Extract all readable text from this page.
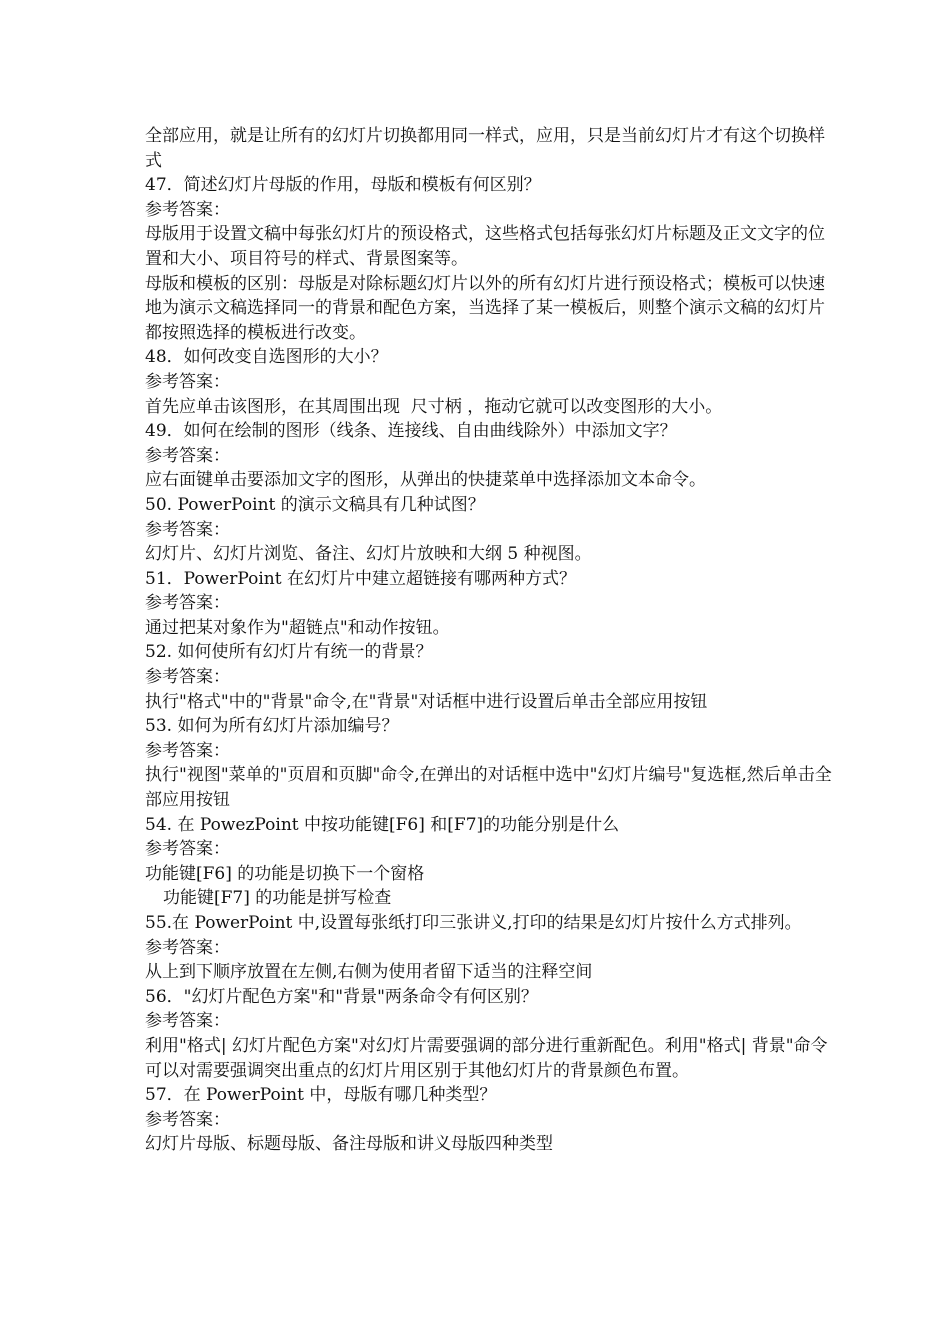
全部应用，就是让所有的幻灯片切换都用同一样式，应用，只是当前幻灯片才有这个切换样式

47．简述幻灯片母版的作用，母版和模板有何区别？

参考答案：

母版用于设置文稿中每张幻灯片的预设格式，这些格式包括每张幻灯片标题及正文文字的位置和大小、项目符号的样式、背景图案等。

母版和模板的区别：母版是对除标题幻灯片以外的所有幻灯片进行预设格式；模板可以快速地为演示文稿选择同一的背景和配色方案，当选择了某一模板后，则整个演示文稿的幻灯片都按照选择的模板进行改变。

48．如何改变自选图形的大小？

参考答案：

首先应单击该图形，在其周围出现  尺寸柄 ，拖动它就可以改变图形的大小。

49．如何在绘制的图形（线条、连接线、自由曲线除外）中添加文字？

参考答案：

应右面键单击要添加文字的图形，从弹出的快捷菜单中选择添加文本命令。

50. PowerPoint 的演示文稿具有几种试图？

参考答案：

幻灯片、幻灯片浏览、备注、幻灯片放映和大纲 5 种视图。

51．PowerPoint 在幻灯片中建立超链接有哪两种方式？

参考答案：

通过把某对象作为"超链点"和动作按钮。

52. 如何使所有幻灯片有统一的背景？

参考答案：

执行"格式"中的"背景"命令,在"背景"对话框中进行设置后单击全部应用按钮

53. 如何为所有幻灯片添加编号？

参考答案：

执行"视图"菜单的"页眉和页脚"命令,在弹出的对话框中选中"幻灯片编号"复选框,然后单击全部应用按钮

54. 在 PowezPoint 中按功能键[F6] 和[F7]的功能分别是什么

参考答案：

功能键[F6] 的功能是切换下一个窗格

功能键[F7] 的功能是拼写检查

55.在 PowerPoint 中,设置每张纸打印三张讲义,打印的结果是幻灯片按什么方式排列。

参考答案：

从上到下顺序放置在左侧,右侧为使用者留下适当的注释空间

56．"幻灯片配色方案"和"背景"两条命令有何区别？

参考答案：

利用"格式| 幻灯片配色方案"对幻灯片需要强调的部分进行重新配色。利用"格式| 背景"命令可以对需要强调突出重点的幻灯片用区别于其他幻灯片的背景颜色布置。

57．在 PowerPoint 中，母版有哪几种类型？

参考答案：

幻灯片母版、标题母版、备注母版和讲义母版四种类型
